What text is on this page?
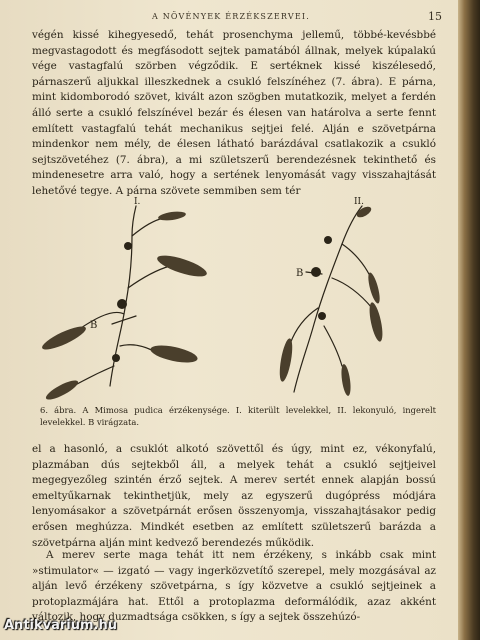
A NÖVÉNYEK ÉRZÉKSZERVEI.	15

végén kissé kihegyesedő, tehát prosenchyma jellemű, többé-kevésbbé megvastagodott és megfásodott sejtek pamatából állnak, melyek kúpalakú vége vastagfalú szörben végződik. E sertéknek kissé kiszélesedő, párnaszerű aljukkal illeszkednek a csukló felszínéhez (7. ábra). E párna, mint kidomborodó szövet, kivált azon szögben mutatkozik, melyet a ferdén álló serte a csukló felszínével bezár és élesen van határolva a serte fennt említett vastagfalú tehát mechanikus sejtjei felé. Alján e szövetpárna mindenkor nem mély, de élesen látható barázdával csatlakozik a csukló sejtszövetéhez (7. ábra), a mi születszerű berendezésnek tekinthető és mindenesetre arra való, hogy a sertének lenyomását vagy visszahajtását lehetővé tegye. A párna szövete semmiben sem tér

I.	II.
B
B

6. ábra. A Mimosa pudica érzékenysége. I. kiterült levelekkel, II. lekonyuló, ingerelt levelekkel. B virágzata.

el a hasonló, a csuklót alkotó szövettől és úgy, mint ez, vékonyfalú, plazmában dús sejtekből áll, a melyek tehát a csukló sejtjeivel megegyezőleg szintén érző sejtek. A merev sertét ennek alapján bossú emeltyűkarnak tekinthetjük, mely az egyszerű dugópréss módjára lenyomásakor a szövetpárnát erősen összenyomja, visszahajtásakor pedig erősen meghúzza. Mindkét esetben az említett születszerű barázda a szövetpárna alján mint kedvező berendezés működik.

A merev serte maga tehát itt nem érzékeny, s inkább csak mint »stimulator« — izgató — vagy ingerközvetítő szerepel, mely mozgásával az alján levő érzékeny szövetpárna, s így közvetve a csukló sejtjeinek a protoplazmájára hat. Ettől a protoplazma deformálódik, azaz akként változik, hogy duzmadtsága csökken, s így a sejtek összehúzó-

Antikvarium.hu
